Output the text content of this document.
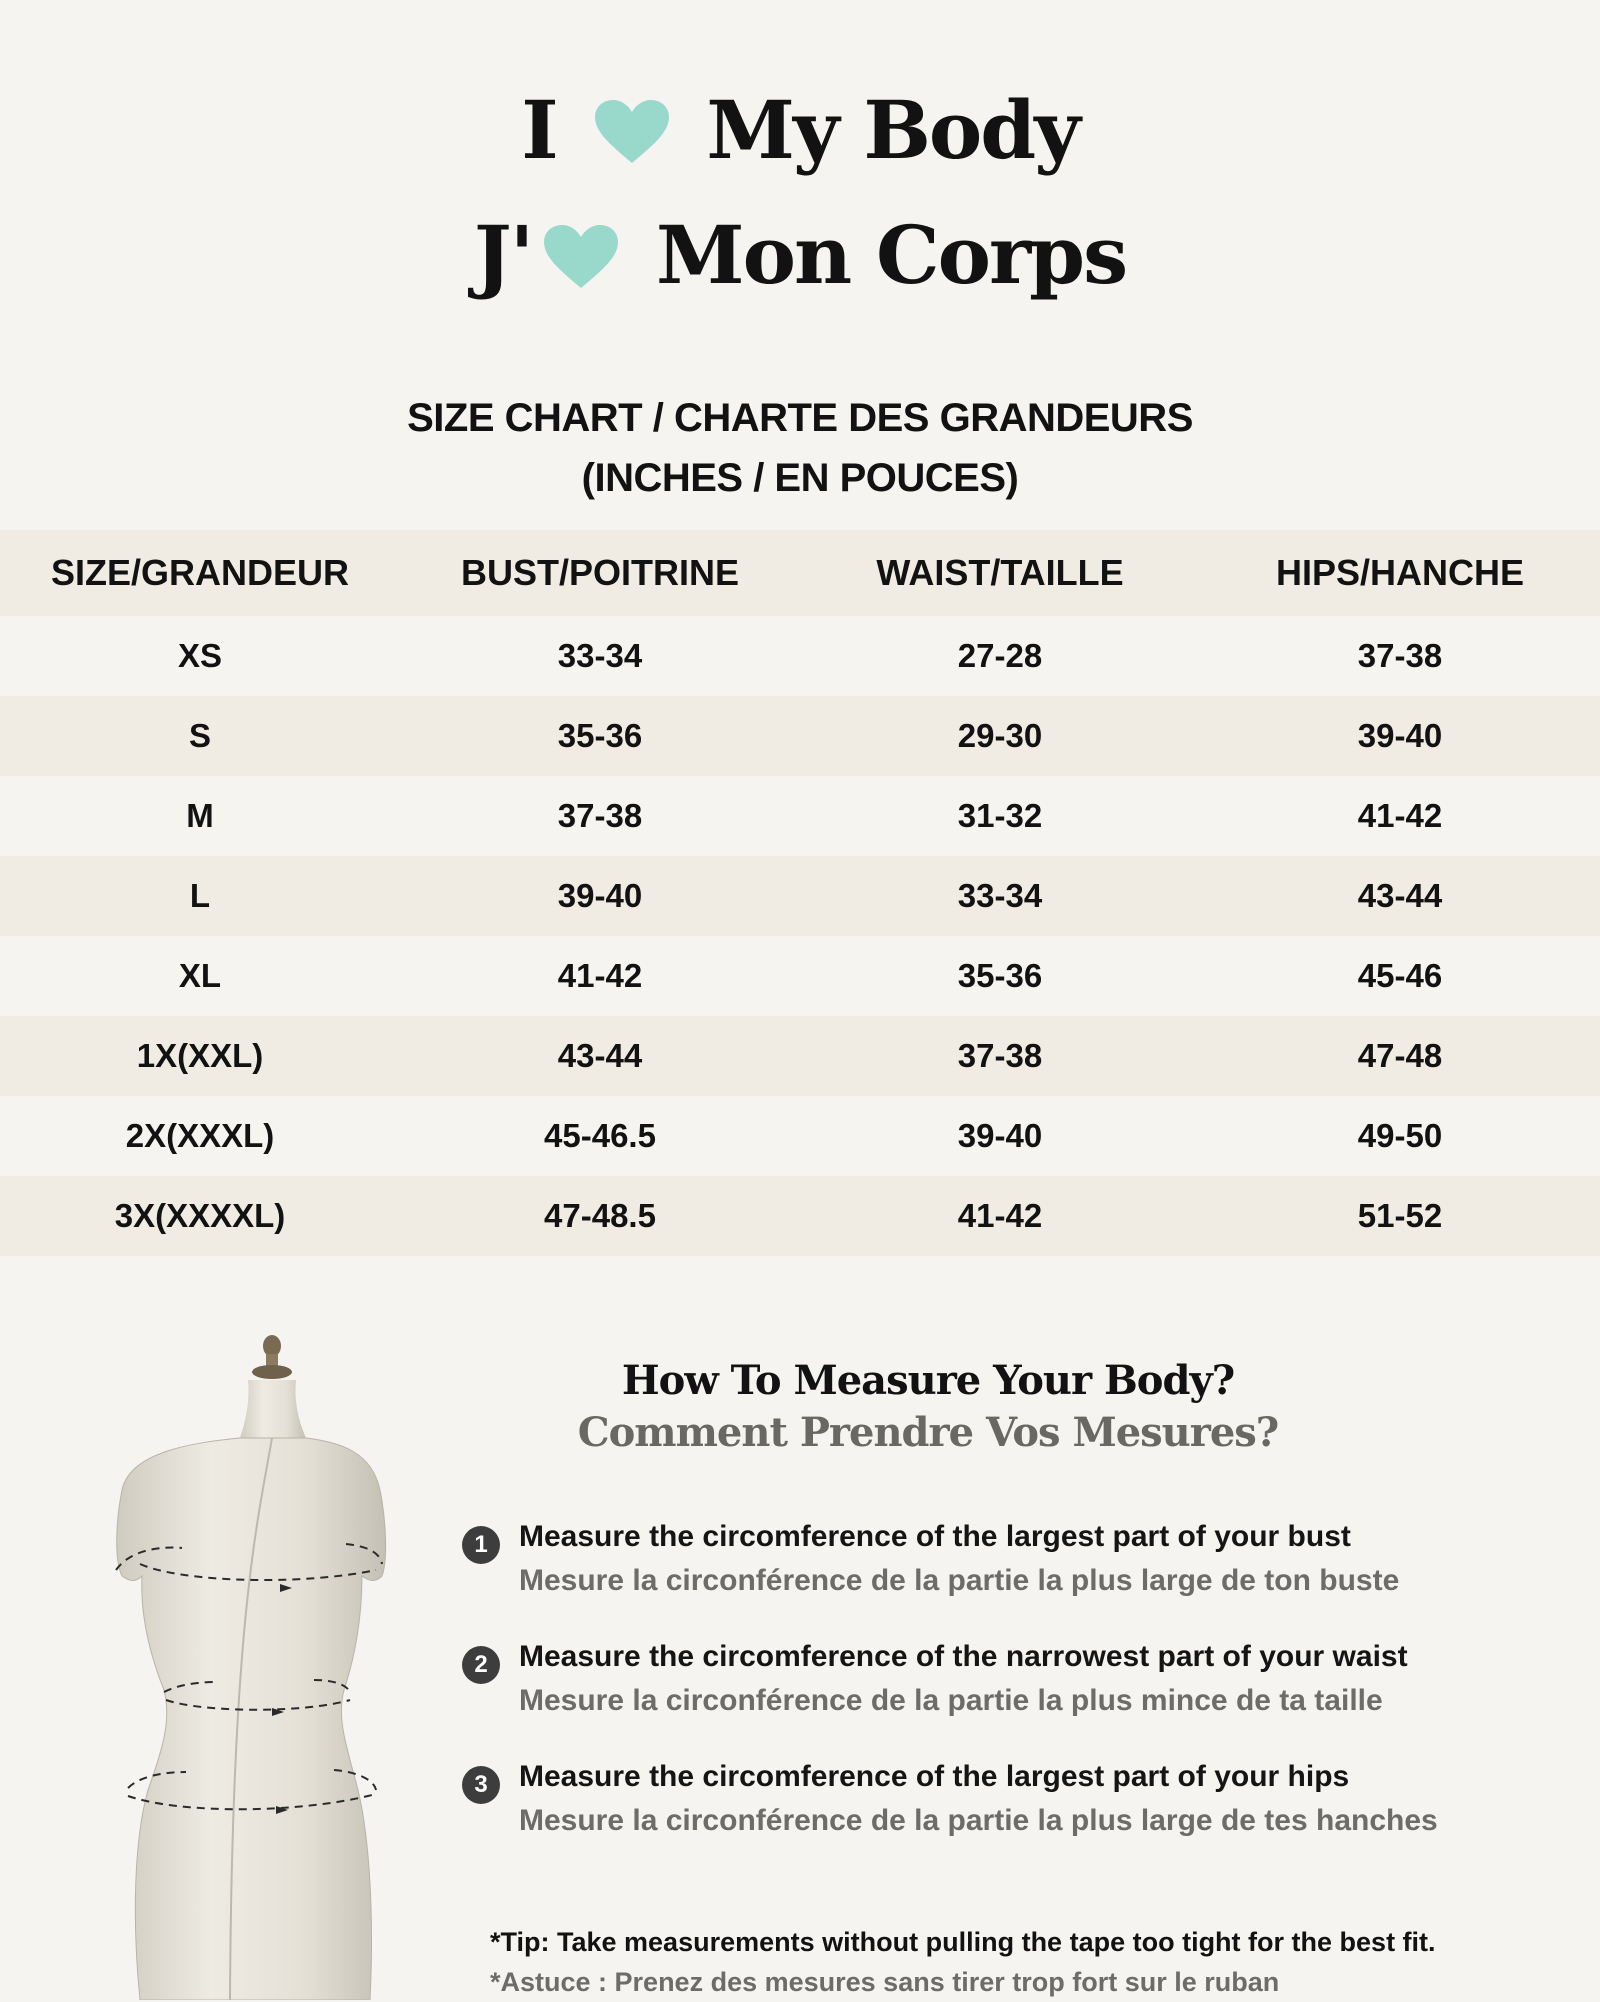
I My Body
J' Mon Corps
SIZE CHART / CHARTE DES GRANDEURS
(INCHES / EN POUCES)
SIZE/GRANDEUR	BUST/POITRINE	WAIST/TAILLE	HIPS/HANCHE
XS	33-34	27-28	37-38
S	35-36	29-30	39-40
M	37-38	31-32	41-42
L	39-40	33-34	43-44
XL	41-42	35-36	45-46
1X(XXL)	43-44	37-38	47-48
2X(XXXL)	45-46.5	39-40	49-50
3X(XXXXL)	47-48.5	41-42	51-52
How To Measure Your Body?
Comment Prendre Vos Mesures?
1	Measure the circomference of the largest part of your bust
Mesure la circonférence de la partie la plus large de ton buste
2	Measure the circomference of the narrowest part of your waist
Mesure la circonférence de la partie la plus mince de ta taille
3	Measure the circomference of the largest part of your hips
Mesure la circonférence de la partie la plus large de tes hanches
*Tip: Take measurements without pulling the tape too tight for the best fit.
*Astuce : Prenez des mesures sans tirer trop fort sur le ruban
